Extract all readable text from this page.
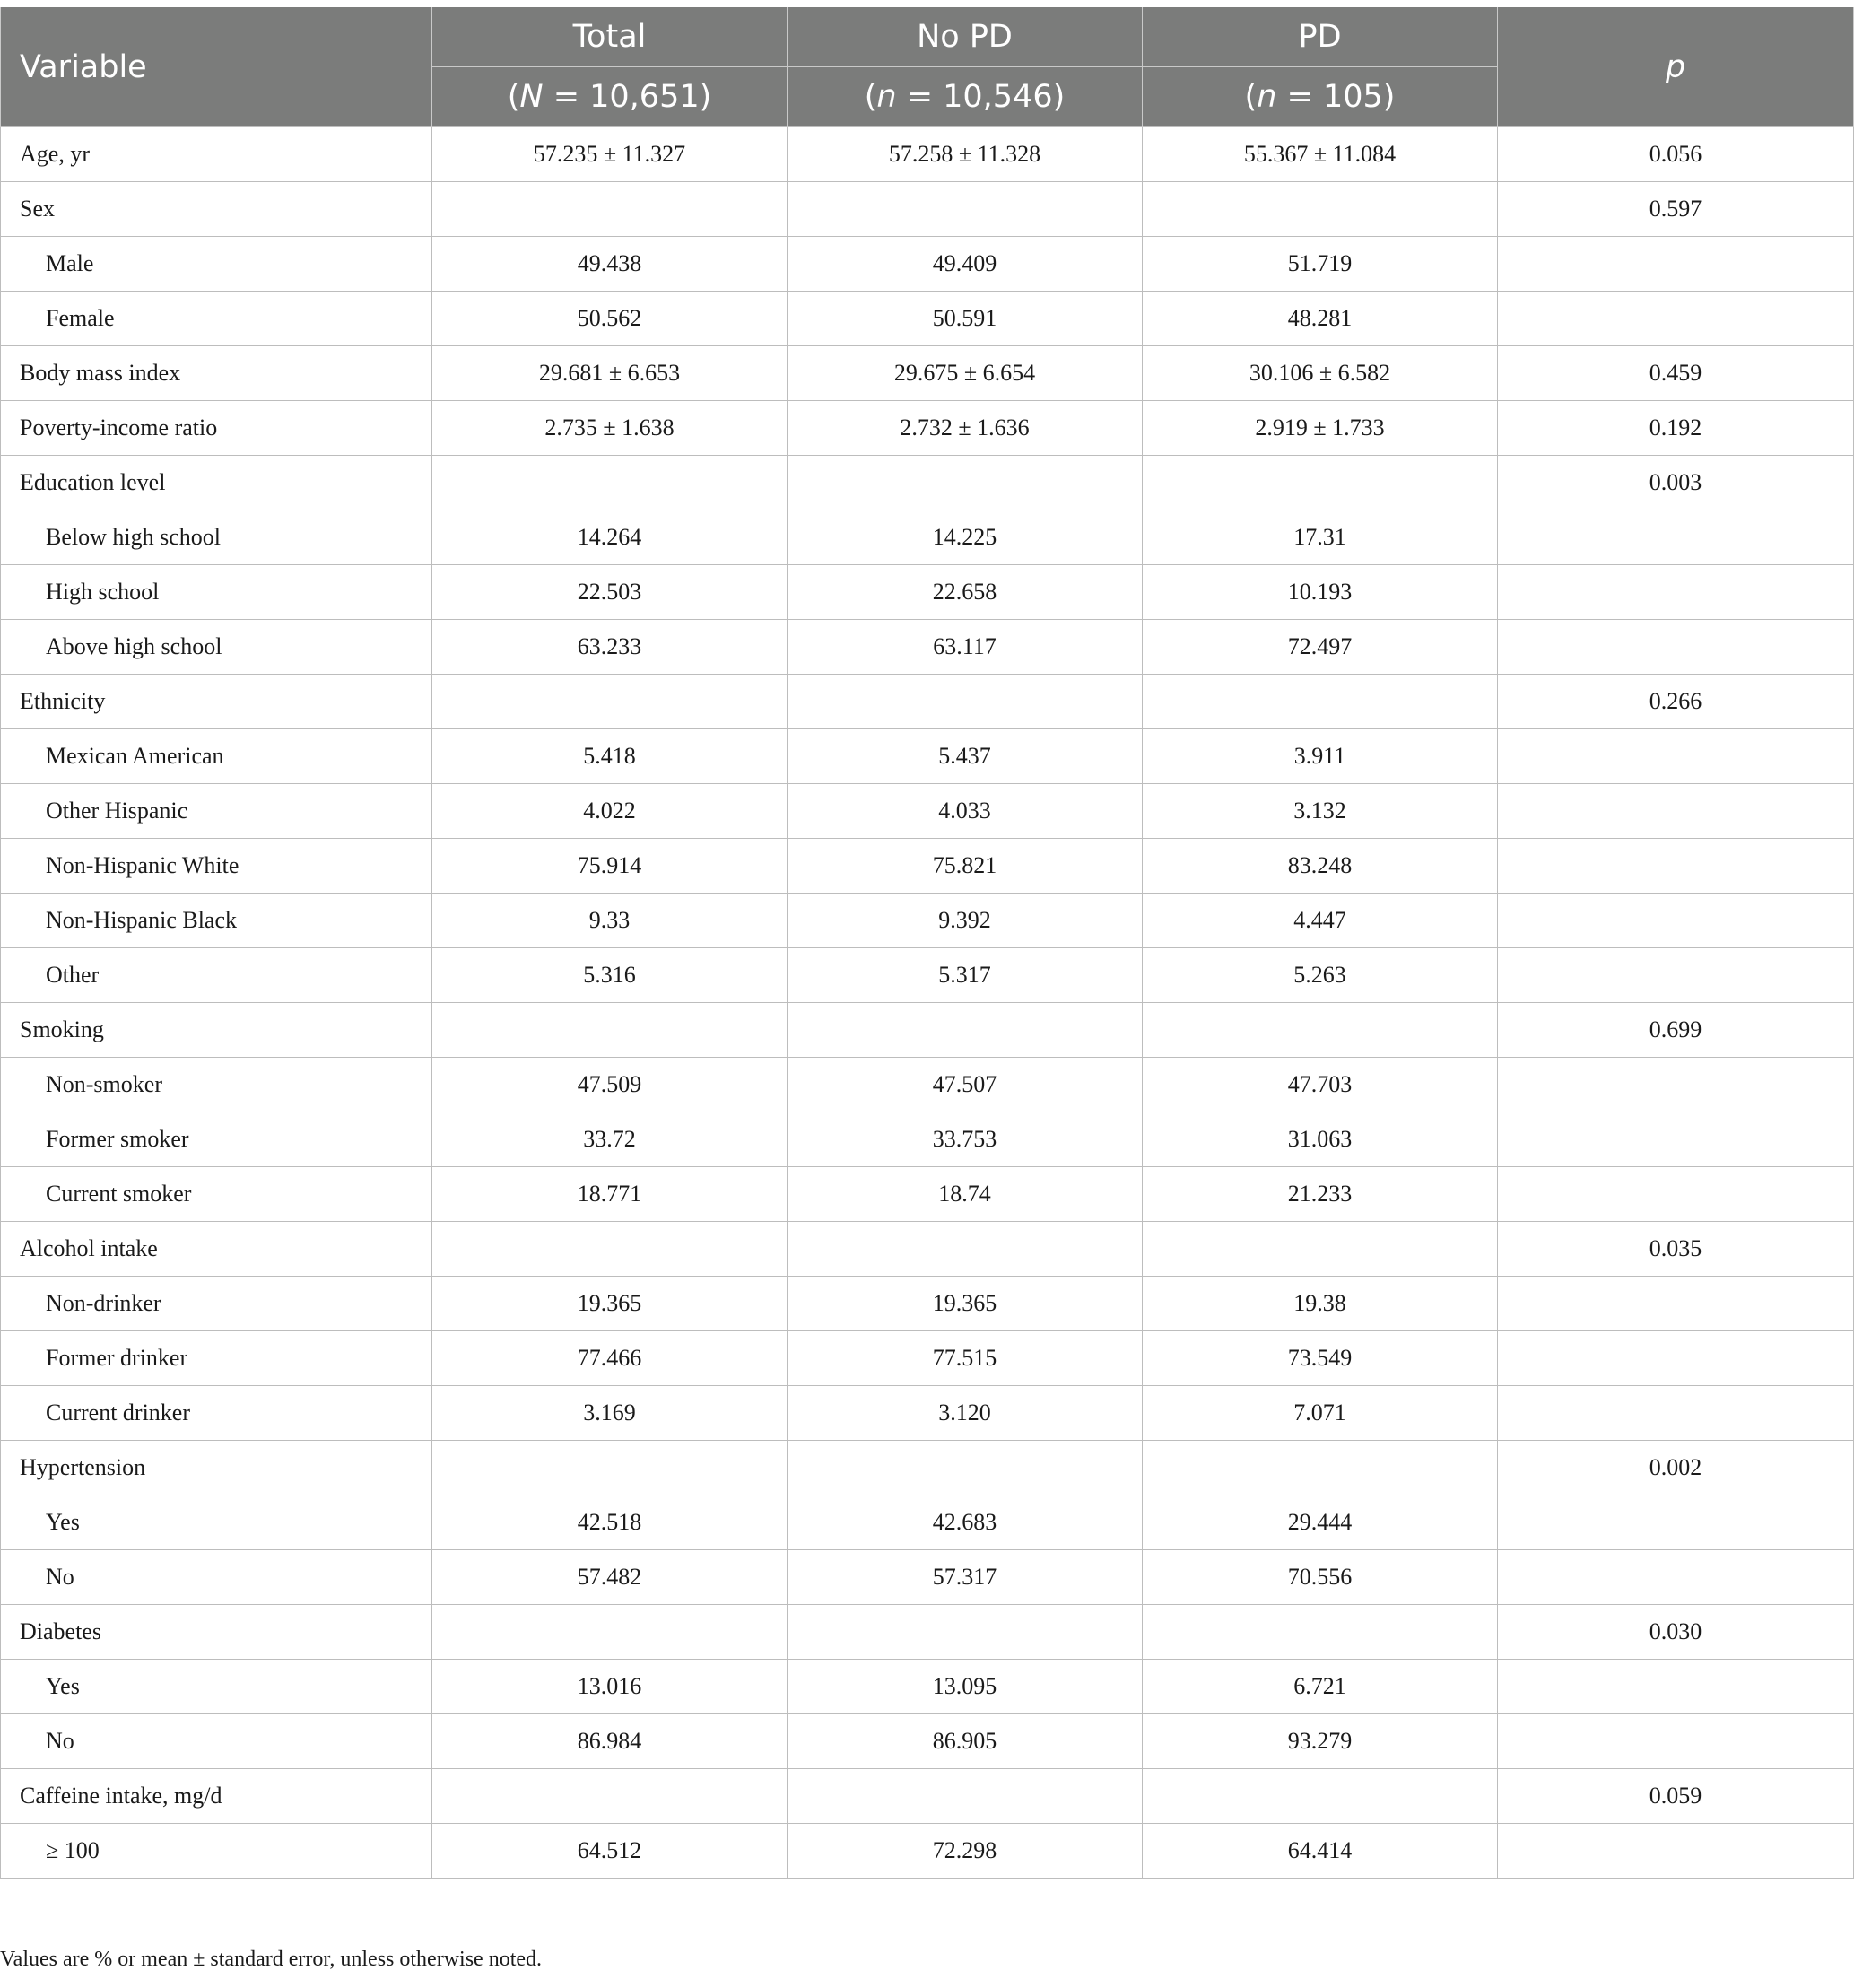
Variable	Total	No PD	PD	p
	(N = 10,651)	(n = 10,546)	(n = 105)	
Age, yr	57.235 ± 11.327	57.258 ± 11.328	55.367 ± 11.084	0.056
Sex				0.597
Male	49.438	49.409	51.719	
Female	50.562	50.591	48.281	
Body mass index	29.681 ± 6.653	29.675 ± 6.654	30.106 ± 6.582	0.459
Poverty-income ratio	2.735 ± 1.638	2.732 ± 1.636	2.919 ± 1.733	0.192
Education level				0.003
Below high school	14.264	14.225	17.31	
High school	22.503	22.658	10.193	
Above high school	63.233	63.117	72.497	
Ethnicity				0.266
Mexican American	5.418	5.437	3.911	
Other Hispanic	4.022	4.033	3.132	
Non-Hispanic White	75.914	75.821	83.248	
Non-Hispanic Black	9.33	9.392	4.447	
Other	5.316	5.317	5.263	
Smoking				0.699
Non-smoker	47.509	47.507	47.703	
Former smoker	33.72	33.753	31.063	
Current smoker	18.771	18.74	21.233	
Alcohol intake				0.035
Non-drinker	19.365	19.365	19.38	
Former drinker	77.466	77.515	73.549	
Current drinker	3.169	3.120	7.071	
Hypertension				0.002
Yes	42.518	42.683	29.444	
No	57.482	57.317	70.556	
Diabetes				0.030
Yes	13.016	13.095	6.721	
No	86.984	86.905	93.279	
Caffeine intake, mg/d				0.059
≥ 100	64.512	72.298	64.414	
Values are % or mean ± standard error, unless otherwise noted.
